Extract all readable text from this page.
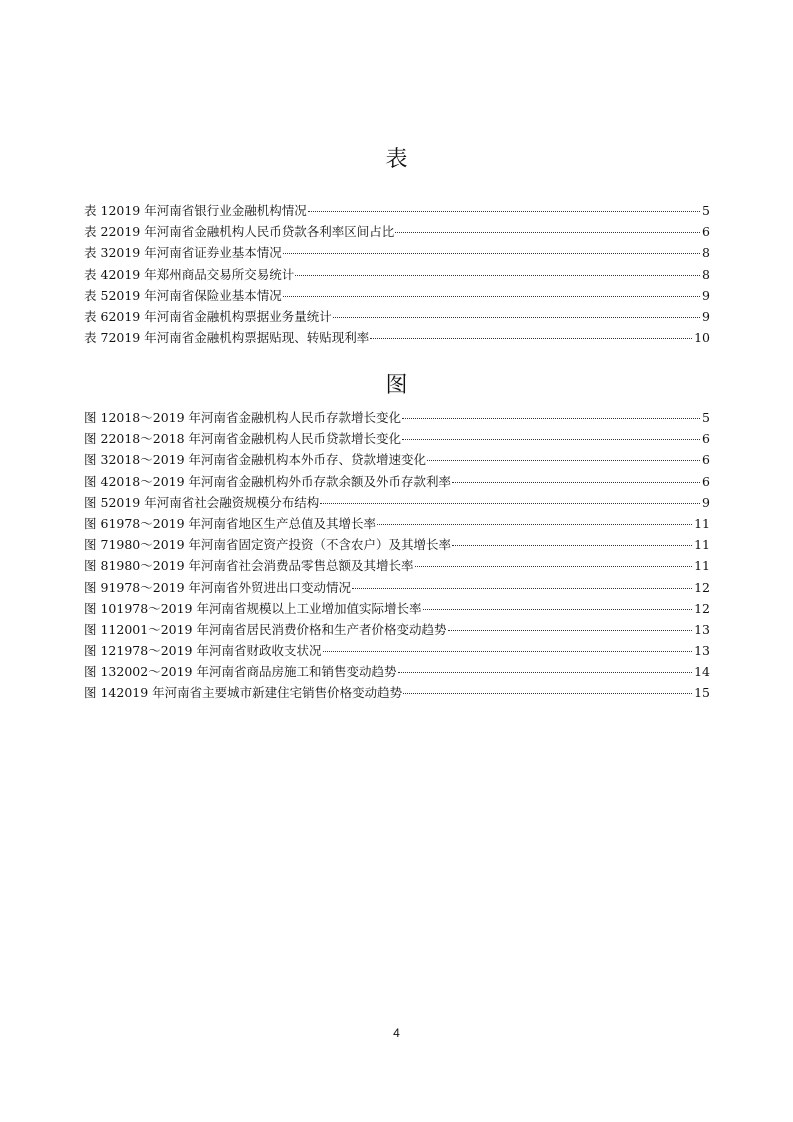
表
表 1 2019 年河南省银行业金融机构情况	5
表 2 2019 年河南省金融机构人民币贷款各利率区间占比	6
表 3 2019 年河南省证券业基本情况	8
表 4 2019 年郑州商品交易所交易统计	8
表 5 2019 年河南省保险业基本情况	9
表 6 2019 年河南省金融机构票据业务量统计	9
表 7 2019 年河南省金融机构票据贴现、转贴现利率	10
图
图 1 2018～2019 年河南省金融机构人民币存款增长变化	5
图 2 2018～2018 年河南省金融机构人民币贷款增长变化	6
图 3 2018～2019 年河南省金融机构本外币存、贷款增速变化	6
图 4 2018～2019 年河南省金融机构外币存款余额及外币存款利率	6
图 5 2019 年河南省社会融资规模分布结构	9
图 6 1978～2019 年河南省地区生产总值及其增长率	11
图 7 1980～2019 年河南省固定资产投资（不含农户）及其增长率	11
图 8 1980～2019 年河南省社会消费品零售总额及其增长率	11
图 9 1978～2019 年河南省外贸进出口变动情况	12
图 10 1978～2019 年河南省规模以上工业增加值实际增长率	12
图 11 2001～2019 年河南省居民消费价格和生产者价格变动趋势	13
图 12 1978～2019 年河南省财政收支状况	13
图 13 2002～2019 年河南省商品房施工和销售变动趋势	14
图 14 2019 年河南省主要城市新建住宅销售价格变动趋势	15
4
